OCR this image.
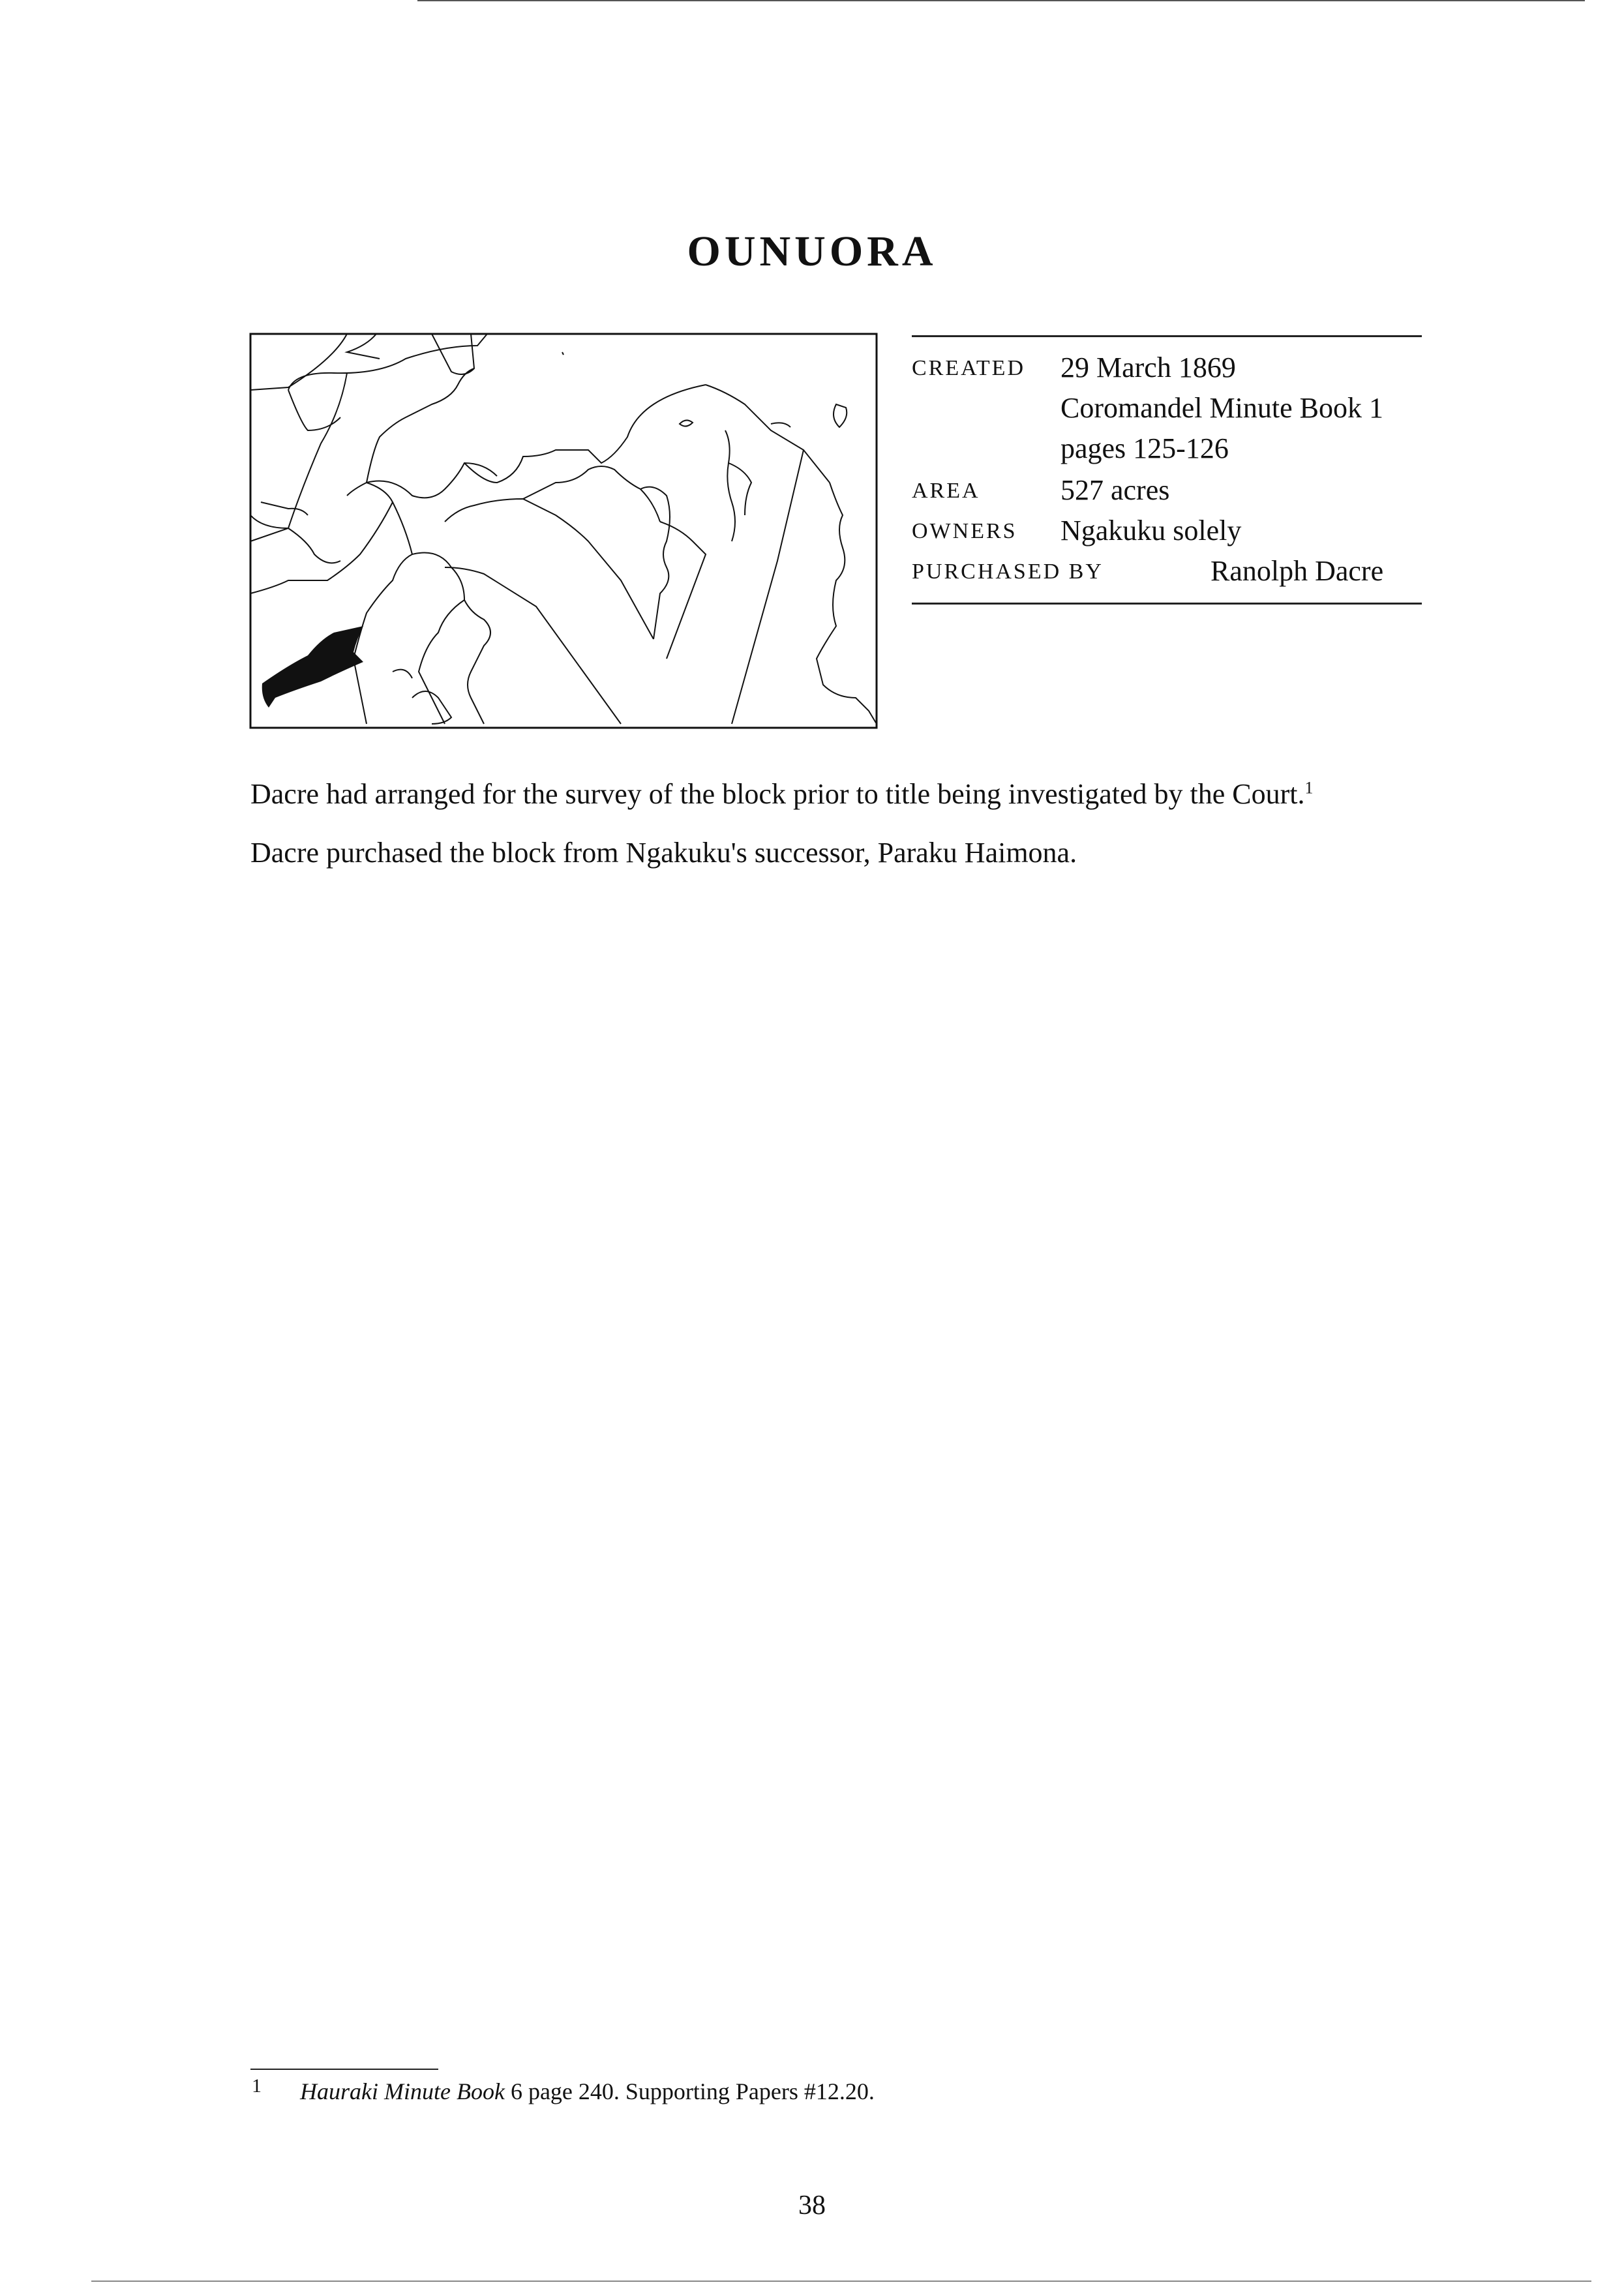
OUNUORA
CREATED 29 March 1869
Coromandel Minute Book 1
pages 125-126
AREA	527 acres
OWNERS Ngakuku solely
PURCHASED BY	Ranolph Dacre
Dacre had arranged for the survey of the block prior to title being investigated by the Court.$^1$
Dacre purchased the block from Ngakuku's successor, Paraku Haimona.
1 Hauraki Minute Book 6 page 240. Supporting Papers #12.20.
38
